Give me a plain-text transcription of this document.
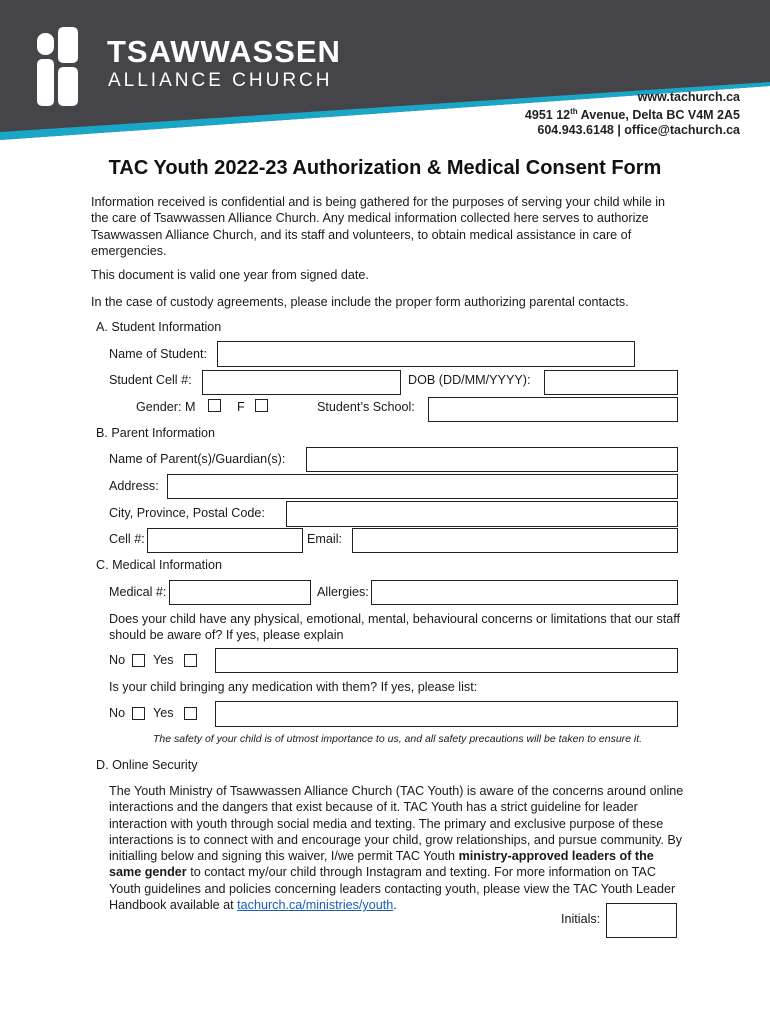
TSAWWASSEN
ALLIANCE CHURCH
www.tachurch.ca
4951 12th Avenue, Delta BC V4M 2A5
604.943.6148 | office@tachurch.ca
TAC Youth 2022-23 Authorization & Medical Consent Form
Information received is confidential and is being gathered for the purposes of serving your child while in the care of Tsawwassen Alliance Church. Any medical information collected here serves to authorize Tsawwassen Alliance Church, and its staff and volunteers, to obtain medical assistance in care of emergencies.
This document is valid one year from signed date.
In the case of custody agreements, please include the proper form authorizing parental contacts.
A. Student Information
Name of Student:
Student Cell #:	DOB (DD/MM/YYYY):
Gender: M	F	Student’s School:
B. Parent Information
Name of Parent(s)/Guardian(s):
Address:
City, Province, Postal Code:
Cell #:	Email:
C. Medical Information
Medical #:	Allergies:
Does your child have any physical, emotional, mental, behavioural concerns or limitations that our staff should be aware of? If yes, please explain
No Yes
Is your child bringing any medication with them? If yes, please list:
No Yes
The safety of your child is of utmost importance to us, and all safety precautions will be taken to ensure it.
D. Online Security
The Youth Ministry of Tsawwassen Alliance Church (TAC Youth) is aware of the concerns around online interactions and the dangers that exist because of it. TAC Youth has a strict guideline for leader interaction with youth through social media and texting. The primary and exclusive purpose of these interactions is to connect with and encourage your child, grow relationships, and pursue community. By initialling below and signing this waiver, I/we permit TAC Youth ministry-approved leaders of the same gender to contact my/our child through Instagram and texting. For more information on TAC Youth guidelines and policies concerning leaders contacting youth, please view the TAC Youth Leader Handbook available at tachurch.ca/ministries/youth.
Initials:
